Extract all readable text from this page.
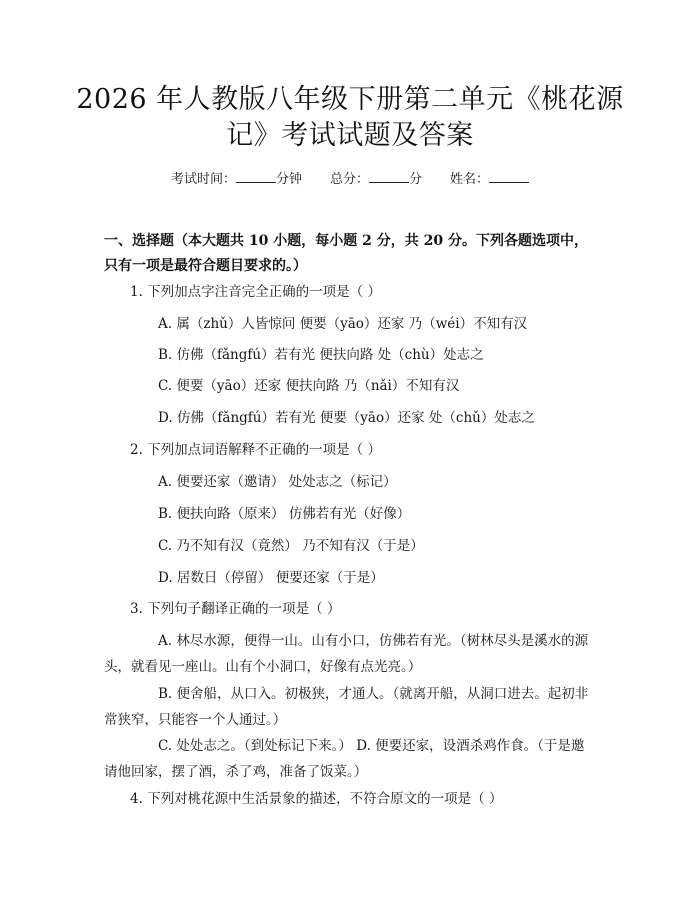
2026 年人教版八年级下册第二单元《桃花源
记》考试试题及答案
考试时间：	分钟 总分：	分 姓名：
一、选择题（本大题共 10 小题，每小题 2 分，共 20 分。下列各题选项中，只有一项是最符合题目要求的。）
1. 下列加点字注音完全正确的一项是（ ）
A. 属（zhǔ）人皆惊问 便要（yāo）还家 乃（wéi）不知有汉
B. 仿佛（fǎngfú）若有光 便扶向路 处（chù）处志之
C. 便要（yāo）还家 便扶向路 乃（nǎi）不知有汉
D. 仿佛（fǎngfú）若有光 便要（yāo）还家 处（chǔ）处志之
2. 下列加点词语解释不正确的一项是（ ）
A. 便要还家（邀请） 处处志之（标记）
B. 便扶向路（原来） 仿佛若有光（好像）
C. 乃不知有汉（竟然） 乃不知有汉（于是）
D. 居数日（停留） 便要还家（于是）
3. 下列句子翻译正确的一项是（ ）
A. 林尽水源，便得一山。山有小口，仿佛若有光。（树林尽头是溪水的源头，就看见一座山。山有个小洞口，好像有点光亮。）
B. 便舍船，从口入。初极狭，才通人。（就离开船，从洞口进去。起初非常狭窄，只能容一个人通过。）
C. 处处志之。（到处标记下来。） D. 便要还家，设酒杀鸡作食。（于是邀请他回家，摆了酒，杀了鸡，准备了饭菜。）
4. 下列对桃花源中生活景象的描述，不符合原文的一项是（ ）
